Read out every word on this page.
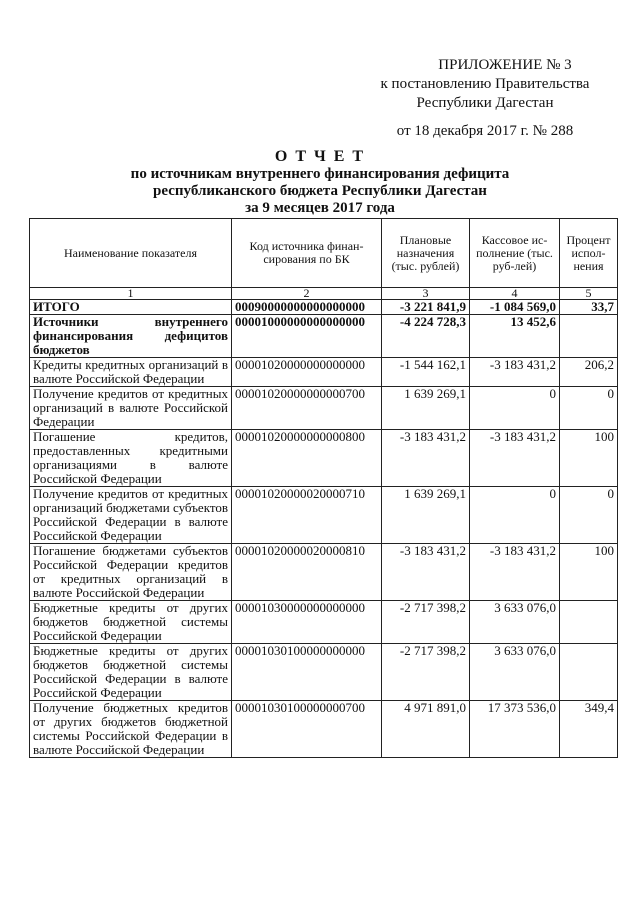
ПРИЛОЖЕНИЕ № 3
к постановлению Правительства
Республики Дагестан
от 18 декабря 2017 г. № 288
О Т Ч Е Т
по источникам внутреннего финансирования дефицита
республиканского бюджета Республики Дагестан
за 9 месяцев 2017 года
Наименование показателя	Код источника финан-сирования по БК	Плановые назначения (тыс. рублей)	Кассовое ис-полнение (тыс. руб-лей)	Процент испол-нения
1	2	3	4	5
ИТОГО	00090000000000000000	-3 221 841,9	-1 084 569,0	33,7
Источники внутреннего финансирования дефицитов бюджетов	00001000000000000000	-4 224 728,3	13 452,6	
Кредиты кредитных организаций в валюте Российской Федерации	00001020000000000000	-1 544 162,1	-3 183 431,2	206,2
Получение кредитов от кредитных организаций в валюте Российской Федерации	00001020000000000700	1 639 269,1	0	0
Погашение кредитов, предоставленных кредитными организациями в валюте Российской Федерации	00001020000000000800	-3 183 431,2	-3 183 431,2	100
Получение кредитов от кредитных организаций бюджетами субъектов Российской Федерации в валюте Российской Федерации	00001020000020000710	1 639 269,1	0	0
Погашение бюджетами субъектов Российской Федерации кредитов от кредитных организаций в валюте Российской Федерации	00001020000020000810	-3 183 431,2	-3 183 431,2	100
Бюджетные кредиты от других бюджетов бюджетной системы Российской Федерации	00001030000000000000	-2 717 398,2	3 633 076,0	
Бюджетные кредиты от других бюджетов бюджетной системы Российской Федерации в валюте Российской Федерации	00001030100000000000	-2 717 398,2	3 633 076,0	
Получение бюджетных кредитов от других бюджетов бюджетной системы Российской Федерации в валюте Российской Федерации	00001030100000000700	4 971 891,0	17 373 536,0	349,4
